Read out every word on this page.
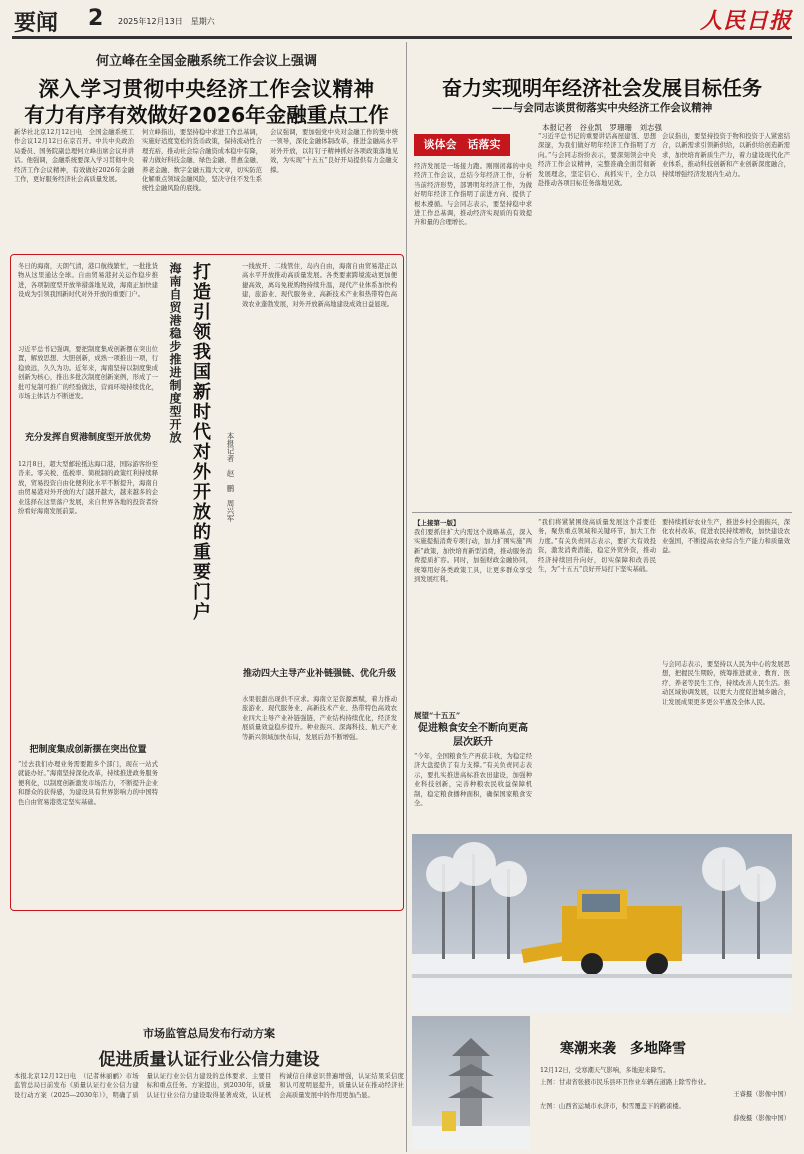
要闻 2 2025年12月13日　星期六	人民日报
何立峰在全国金融系统工作会议上强调
深入学习贯彻中央经济工作会议精神
有力有序有效做好2026年金融重点工作
新华社北京12月12日电　全国金融系统工作会议12月12日在京召开。中共中央政治局委员、国务院副总理何立峰出席会议并讲话。他强调，金融系统要深入学习贯彻中央经济工作会议精神，有效做好2026年金融工作，更好服务经济社会高质量发展。
何立峰指出，要坚持稳中求进工作总基调，实施好适度宽松的货币政策，保持流动性合理充裕，推动社会综合融资成本稳中有降，着力做好科技金融、绿色金融、普惠金融、养老金融、数字金融五篇大文章，切实防范化解重点领域金融风险，坚决守住不发生系统性金融风险的底线。
会议强调，要加强党中央对金融工作的集中统一领导，深化金融体制改革，推进金融高水平对外开放，以钉钉子精神抓好各项政策落地见效，为实现“十五五”良好开局提供有力金融支撑。
冬日的海南，天朗气清，港口航线繁忙，一批批货物从这里通达全球。自由贸易港封关运作稳步推进，各项制度型开放举措落地见效，海南正加快建设成为引领我国新时代对外开放的重要门户。
习近平总书记强调，要把制度集成创新摆在突出位置，解放思想、大胆创新，成熟一项推出一项，行稳致远，久久为功。近年来，海南坚持以制度集成创新为核心，推出多批次制度创新案例，形成了一批可复制可推广的经验做法，营商环境持续优化，市场主体活力不断迸发。
充分发挥自贸港制度型开放优势
12月8日，超大型邮轮抵达海口港，国际游客纷至沓来。零关税、低税率、简税制的政策红利持续释放，贸易投资自由化便利化水平不断提升，海南自由贸易港对外开放的大门越开越大，越来越多的企业选择在这里落户发展，来自世界各地的投资者纷纷看好海南发展前景。
把制度集成创新摆在突出位置
“过去我们办理业务需要跑多个部门，现在一站式就能办好。”海南坚持深化改革，持续推进政务服务便利化，以制度创新激发市场活力，不断提升企业和群众的获得感，为建设具有世界影响力的中国特色自由贸易港奠定坚实基础。
海南自贸港稳步推进制度型开放 打造引领我国新时代对外开放的重要门户 本报记者　赵　鹏　周兴军
一线放开、二线管住、岛内自由，海南自由贸易港正以高水平开放推动高质量发展。各类要素跨境流动更加便捷高效，离岛免税购物持续升温，现代产业体系加快构建，旅游业、现代服务业、高新技术产业和热带特色高效农业蓬勃发展，对外开放新高地建设成效日益显现。
推动四大主导产业补链强链、优化升级
水果很甜出现供不应求。海南立足资源禀赋，着力推动旅游业、现代服务业、高新技术产业、热带特色高效农业四大主导产业补链强链，产业结构持续优化，经济发展质量效益稳步提升。种业振兴、深海科技、航天产业等新兴领域加快布局，发展后劲不断增强。
市场监管总局发布行动方案
促进质量认证行业公信力建设
本报北京12月12日电　（记者林丽鹂）市场监管总局日前发布《质量认证行业公信力建设行动方案（2025—2030年）》，明确了质量认证行业公信力建设的总体要求、主要目标和重点任务。方案提出，到2030年，质量认证行业公信力建设取得显著成效，认证机构诚信自律意识普遍增强，认证结果采信度和认可度明显提升，质量认证在推动经济社会高质量发展中的作用更加凸显。
奋力实现明年经济社会发展目标任务
——与会同志谈贯彻落实中央经济工作会议精神
本报记者　谷业凯　罗珊珊　刘志强
谈体会　话落实
经济发展是一场接力跑。刚刚闭幕的中央经济工作会议，总结今年经济工作，分析当前经济形势，部署明年经济工作，为做好明年经济工作指明了前进方向、提供了根本遵循。与会同志表示，要坚持稳中求进工作总基调，推动经济实现质的有效提升和量的合理增长。
“习近平总书记的重要讲话高屋建瓴、思想深邃，为我们做好明年经济工作指明了方向。”与会同志纷纷表示，要深刻领会中央经济工作会议精神，完整准确全面贯彻新发展理念，坚定信心、真抓实干，全力以赴推动各项目标任务落地见效。
会议指出，要坚持投资于物和投资于人紧密结合，以新需求引领新供给，以新供给创造新需求，加快培育新质生产力，着力建设现代化产业体系，推动科技创新和产业创新深度融合，持续增强经济发展内生动力。
【上接第一版】
我们要抓住扩大内需这个战略基点，深入实施提振消费专项行动，加力扩围实施“两新”政策，加快培育新型消费，推动服务消费提质扩容。同时，加强财政金融协同，统筹用好各类政策工具，让更多群众享受到发展红利。
展望“十五五”
促进粮食安全不断向更高层次跃升
“今年，全国粮食生产再获丰收，为稳定经济大盘提供了有力支撑。”有关负责同志表示，要扎实推进高标准农田建设，加强种业科技创新，完善种粮农民收益保障机制，稳定粮食播种面积，确保国家粮食安全。
“我们将紧紧围绕高质量发展这个首要任务，聚焦重点领域和关键环节，加大工作力度。”有关负责同志表示，要扩大有效投资，激发消费潜能，稳定外贸外资，推动经济持续回升向好，切实保障和改善民生，为“十五五”良好开局打下坚实基础。
要持续抓好农业生产，推进乡村全面振兴，深化农村改革，促进农民持续增收，加快建设农业强国，不断提高农业综合生产能力和质量效益。
与会同志表示，要坚持以人民为中心的发展思想，把握民生期盼，统筹推进就业、教育、医疗、养老等民生工作，持续改善人民生活。推动区域协调发展，以更大力度促进城乡融合，让发展成果更多更公平惠及全体人民。
寒潮来袭　多地降雪
12月12日，受寒潮天气影响，多地迎来降雪。
上图：甘肃省张掖市民乐县环卫作业车辆在道路上除雪作业。
王睿摄（影像中国）
左图：山西省运城市永济市，积雪覆盖下的鹳雀楼。
薛俊摄（影像中国）
